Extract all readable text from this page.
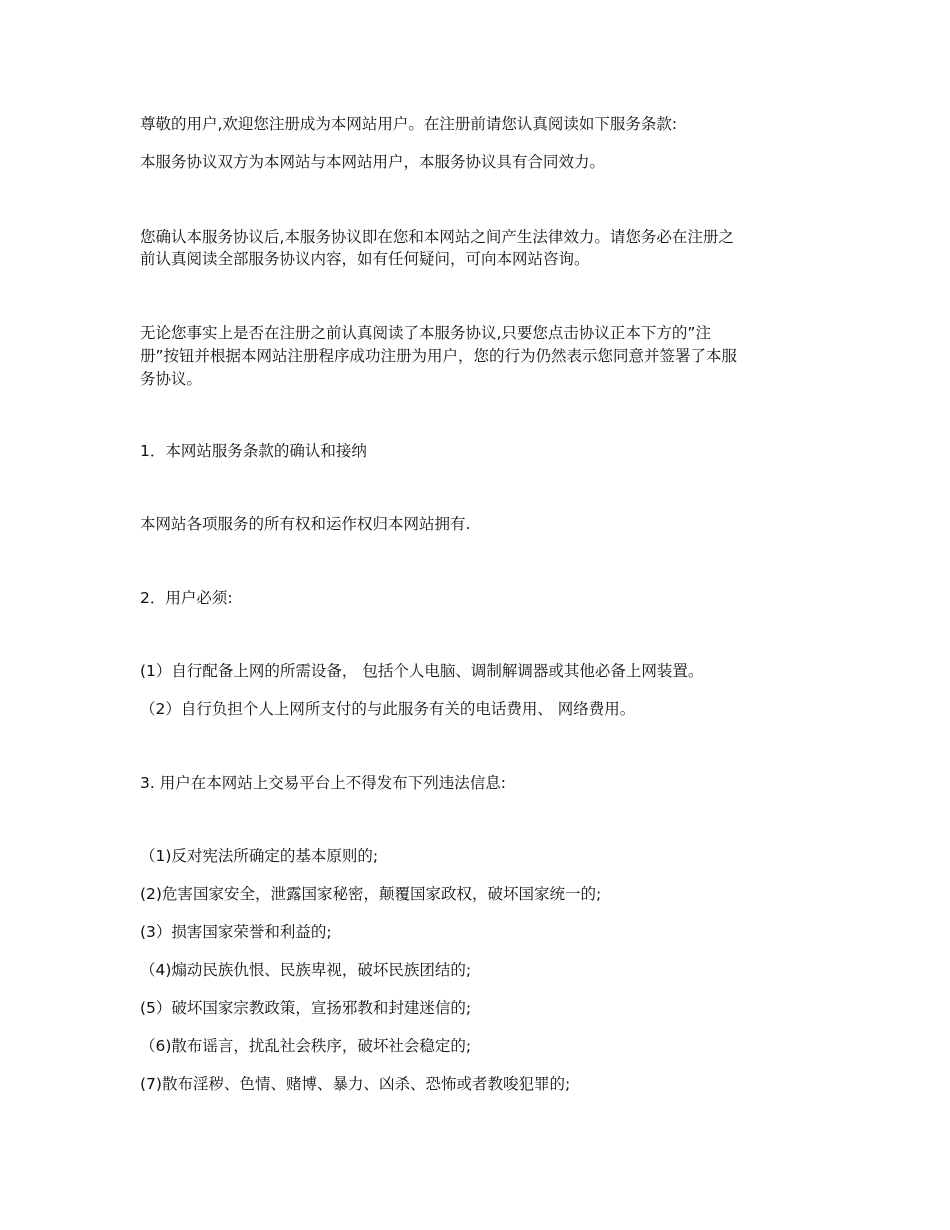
尊敬的用户,欢迎您注册成为本网站用户。在注册前请您认真阅读如下服务条款:
本服务协议双方为本网站与本网站用户，本服务协议具有合同效力。
您确认本服务协议后,本服务协议即在您和本网站之间产生法律效力。请您务必在注册之
前认真阅读全部服务协议内容，如有任何疑问，可向本网站咨询。
无论您事实上是否在注册之前认真阅读了本服务协议,只要您点击协议正本下方的”注
册”按钮并根据本网站注册程序成功注册为用户，您的行为仍然表示您同意并签署了本服
务协议。
1．本网站服务条款的确认和接纳
本网站各项服务的所有权和运作权归本网站拥有.
2．用户必须:
(1）自行配备上网的所需设备， 包括个人电脑、调制解调器或其他必备上网装置。
（2）自行负担个人上网所支付的与此服务有关的电话费用、 网络费用。
3. 用户在本网站上交易平台上不得发布下列违法信息:
（1)反对宪法所确定的基本原则的;
(2)危害国家安全，泄露国家秘密，颠覆国家政权，破坏国家统一的;
(3）损害国家荣誉和利益的;
（4)煽动民族仇恨、民族卑视，破坏民族团结的;
(5）破坏国家宗教政策，宣扬邪教和封建迷信的;
（6)散布谣言，扰乱社会秩序，破坏社会稳定的;
(7)散布淫秽、色情、赌博、暴力、凶杀、恐怖或者教唆犯罪的;
